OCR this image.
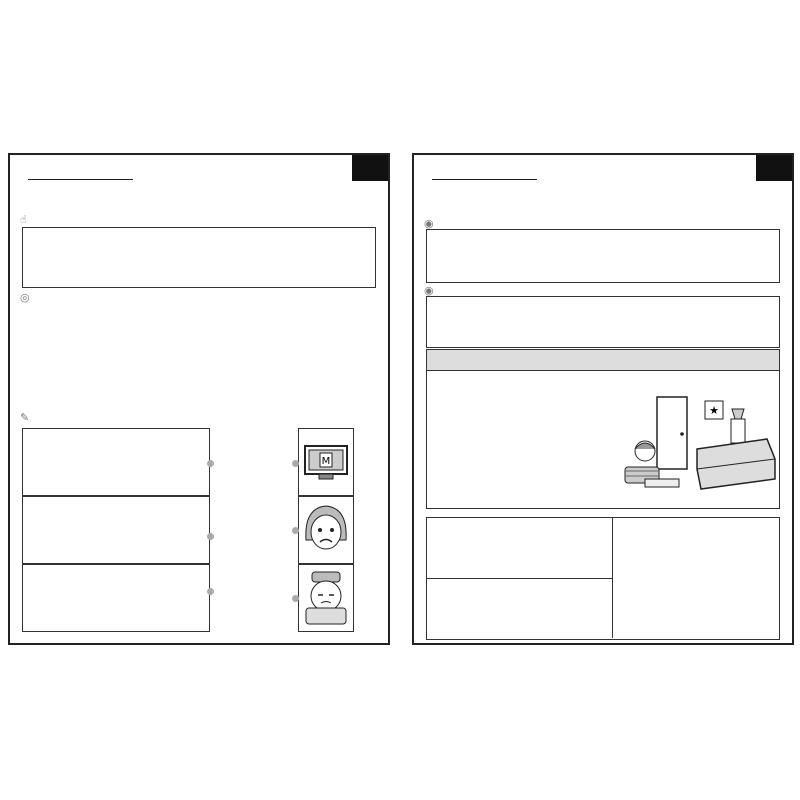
☝
◎
✎
M
◉
◉

★
